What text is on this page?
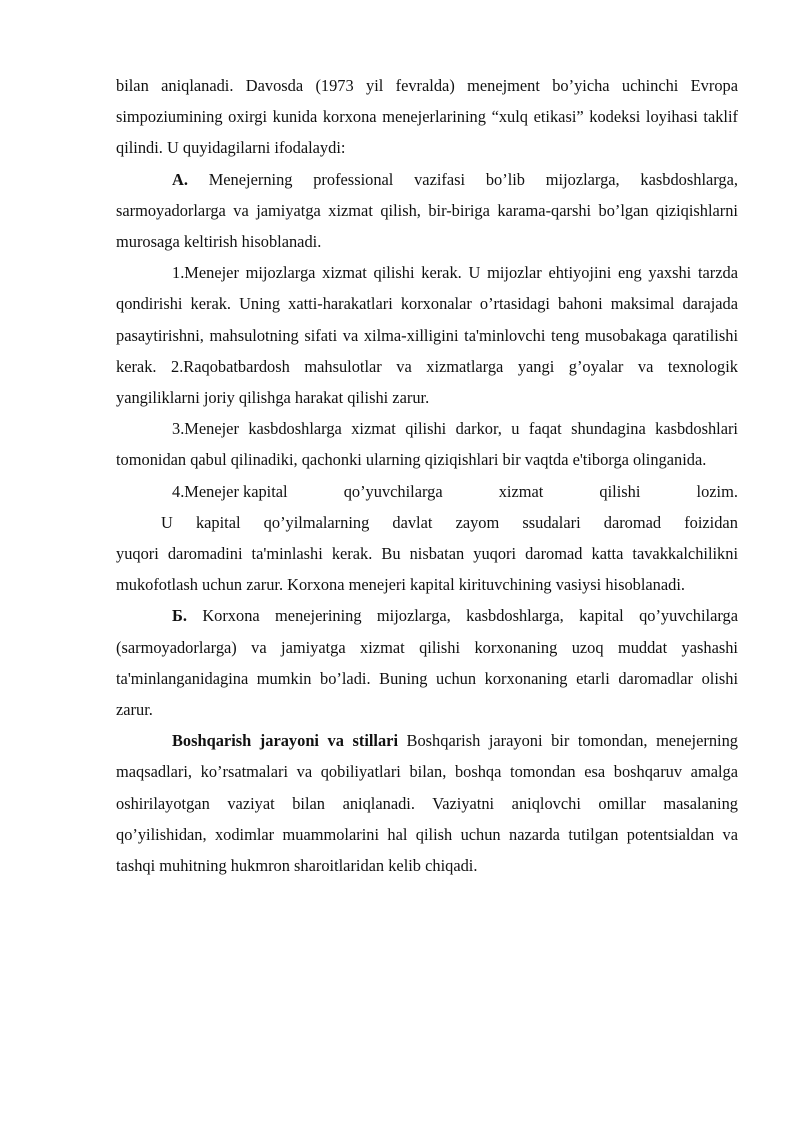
bilan aniqlanadi. Davosda (1973 yil fevralda) menejment bo’yicha uchinchi Evropa simpoziumining oxirgi kunida korxona menejerlarining “xulq etikasi” kodeksi loyihasi taklif qilindi. U quyidagilarni ifodalaydi:

A. Menejerning professional vazifasi bo’lib mijozlarga, kasbdoshlarga, sarmoyadorlarga va jamiyatga xizmat qilish, bir-biriga karama-qarshi bo’lgan qiziqishlarni murosaga keltirish hisoblanadi.

1.Menejer mijozlarga xizmat qilishi kerak. U mijozlar ehtiyojini eng yaxshi tarzda qondirishi kerak. Uning xatti-harakatlari korxonalar o’rtasidagi bahoni maksimal darajada pasaytirishni, mahsulotning sifati va xilma-xilligini ta'minlovchi teng musobakaga qaratilishi kerak. 2.Raqobatbardosh mahsulotlar va xizmatlarga yangi g’oyalar va texnologik yangiliklarni joriy qilishga harakat qilishi zarur.

3.Menejer kasbdoshlarga xizmat qilishi darkor, u faqat shundagina kasbdoshlari tomonidan qabul qilinadiki, qachonki ularning qiziqishlari bir vaqtda e'tiborga olinganida.

4.Menejer kapital	qo’yuvchilarga	xizmat	qilishi	lozim.
U kapital qo’yilmalarning davlat zayom ssudalari daromad foizidan

yuqori daromadini ta'minlashi kerak. Bu nisbatan yuqori daromad katta tavakkalchilikni mukofotlash uchun zarur. Korxona menejeri kapital kirituvchining vasiysi hisoblanadi.

Б. Korxona menejerining mijozlarga, kasbdoshlarga, kapital qo’yuvchilarga (sarmoyadorlarga) va jamiyatga xizmat qilishi korxonaning uzoq muddat yashashi ta'minlanganidagina mumkin bo’ladi. Buning uchun korxonaning etarli daromadlar olishi zarur.

Boshqarish jarayoni va stillari Boshqarish jarayoni bir tomondan, menejerning maqsadlari, ko’rsatmalari va qobiliyatlari bilan, boshqa tomondan esa boshqaruv amalga oshirilayotgan vaziyat bilan aniqlanadi. Vaziyatni aniqlovchi omillar masalaning qo’yilishidan, xodimlar muammolarini hal qilish uchun nazarda tutilgan potentsialdan va tashqi muhitning hukmron sharoitlaridan kelib chiqadi.
